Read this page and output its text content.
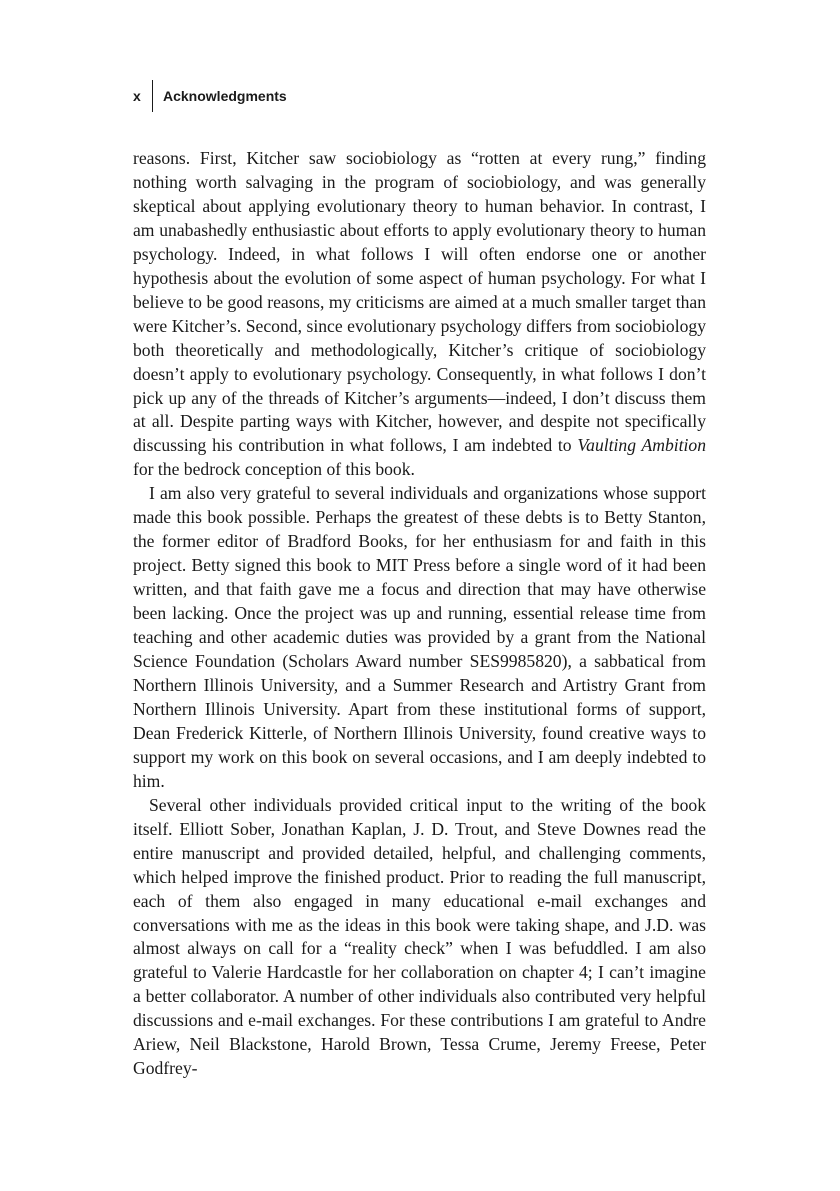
x	Acknowledgments

reasons. First, Kitcher saw sociobiology as “rotten at every rung,” finding nothing worth salvaging in the program of sociobiology, and was generally skeptical about applying evolutionary theory to human behavior. In contrast, I am unabashedly enthusiastic about efforts to apply evolutionary theory to human psychology. Indeed, in what follows I will often endorse one or another hypothesis about the evolution of some aspect of human psychology. For what I believe to be good reasons, my criticisms are aimed at a much smaller target than were Kitcher’s. Second, since evolutionary psychology differs from sociobiology both theoretically and methodologically, Kitcher’s critique of sociobiology doesn’t apply to evolutionary psychology. Consequently, in what follows I don’t pick up any of the threads of Kitcher’s arguments—indeed, I don’t discuss them at all. Despite parting ways with Kitcher, however, and despite not specifically discussing his contribution in what follows, I am indebted to Vaulting Ambition for the bedrock conception of this book.

I am also very grateful to several individuals and organizations whose support made this book possible. Perhaps the greatest of these debts is to Betty Stanton, the former editor of Bradford Books, for her enthusiasm for and faith in this project. Betty signed this book to MIT Press before a single word of it had been written, and that faith gave me a focus and direction that may have otherwise been lacking. Once the project was up and running, essential release time from teaching and other academic duties was provided by a grant from the National Science Foundation (Scholars Award number SES9985820), a sabbatical from Northern Illinois University, and a Summer Research and Artistry Grant from Northern Illinois University. Apart from these institutional forms of support, Dean Frederick Kitterle, of Northern Illinois University, found creative ways to support my work on this book on several occasions, and I am deeply indebted to him.

Several other individuals provided critical input to the writing of the book itself. Elliott Sober, Jonathan Kaplan, J. D. Trout, and Steve Downes read the entire manuscript and provided detailed, helpful, and challenging comments, which helped improve the finished product. Prior to reading the full manuscript, each of them also engaged in many educational e-mail exchanges and conversations with me as the ideas in this book were taking shape, and J.D. was almost always on call for a “reality check” when I was befuddled. I am also grateful to Valerie Hardcastle for her collaboration on chapter 4; I can’t imagine a better collaborator. A number of other individuals also contributed very helpful discussions and e-mail exchanges. For these contributions I am grateful to Andre Ariew, Neil Blackstone, Harold Brown, Tessa Crume, Jeremy Freese, Peter Godfrey-
